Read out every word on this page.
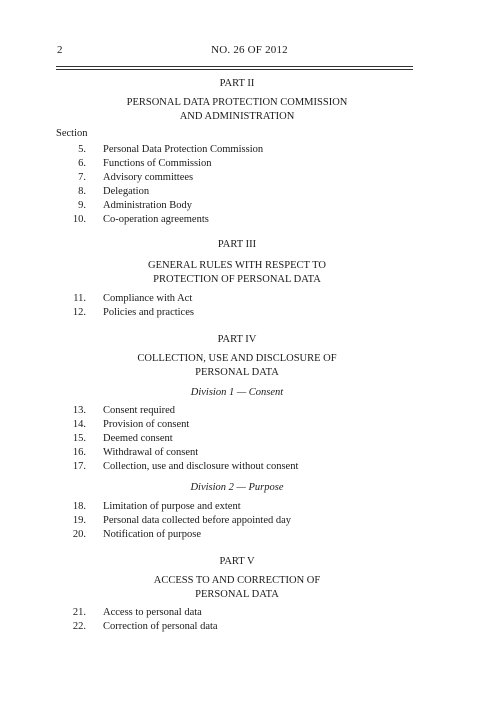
2	NO. 26 OF 2012
PART II
PERSONAL DATA PROTECTION COMMISSION
AND ADMINISTRATION
Section
5. Personal Data Protection Commission
6. Functions of Commission
7. Advisory committees
8. Delegation
9. Administration Body
10. Co-operation agreements
PART III
GENERAL RULES WITH RESPECT TO
PROTECTION OF PERSONAL DATA
11. Compliance with Act
12. Policies and practices
PART IV
COLLECTION, USE AND DISCLOSURE OF
PERSONAL DATA
Division 1 — Consent
13. Consent required
14. Provision of consent
15. Deemed consent
16. Withdrawal of consent
17. Collection, use and disclosure without consent
Division 2 — Purpose
18. Limitation of purpose and extent
19. Personal data collected before appointed day
20. Notification of purpose
PART V
ACCESS TO AND CORRECTION OF
PERSONAL DATA
21. Access to personal data
22. Correction of personal data
